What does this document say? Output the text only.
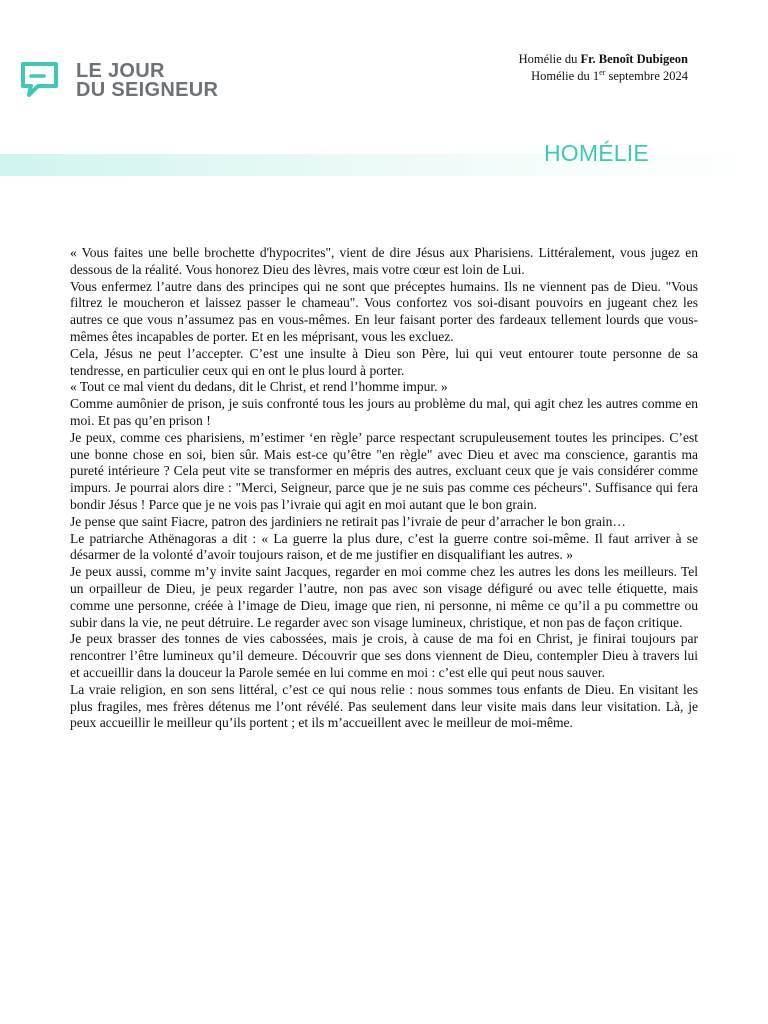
LE JOUR
DU SEIGNEUR
Homélie du Fr. Benoît Dubigeon
Homélie du 1er septembre 2024
HOMÉLIE

« Vous faites une belle brochette d'hypocrites", vient de dire Jésus aux Pharisiens. Littéralement, vous jugez en dessous de la réalité. Vous honorez Dieu des lèvres, mais votre cœur est loin de Lui.

Vous enfermez l’autre dans des principes qui ne sont que préceptes humains. Ils ne viennent pas de Dieu. "Vous filtrez le moucheron et laissez passer le chameau". Vous confortez vos soi-disant pouvoirs en jugeant chez les autres ce que vous n’assumez pas en vous-mêmes. En leur faisant porter des fardeaux tellement lourds que vous-mêmes êtes incapables de porter. Et en les méprisant, vous les excluez.

Cela, Jésus ne peut l’accepter. C’est une insulte à Dieu son Père, lui qui veut entourer toute personne de sa tendresse, en particulier ceux qui en ont le plus lourd à porter.

« Tout ce mal vient du dedans, dit le Christ, et rend l’homme impur. »

Comme aumônier de prison, je suis confronté tous les jours au problème du mal, qui agit chez les autres comme en moi. Et pas qu’en prison !

Je peux, comme ces pharisiens, m’estimer ‘en règle’ parce respectant scrupuleusement toutes les principes. C’est une bonne chose en soi, bien sûr. Mais est-ce qu’être "en règle" avec Dieu et avec ma conscience, garantis ma pureté intérieure ? Cela peut vite se transformer en mépris des autres, excluant ceux que je vais considérer comme impurs. Je pourrai alors dire : "Merci, Seigneur, parce que je ne suis pas comme ces pécheurs". Suffisance qui fera bondir Jésus ! Parce que je ne vois pas l’ivraie qui agit en moi autant que le bon grain.

Je pense que saint Fiacre, patron des jardiniers ne retirait pas l’ivraie de peur d’arracher le bon grain…

Le patriarche Athënagoras a dit : « La guerre la plus dure, c’est la guerre contre soi-même. Il faut arriver à se désarmer de la volonté d’avoir toujours raison, et de me justifier en disqualifiant les autres. »

Je peux aussi, comme m’y invite saint Jacques, regarder en moi comme chez les autres les dons les meilleurs. Tel un orpailleur de Dieu, je peux regarder l’autre, non pas avec son visage défiguré ou avec telle étiquette, mais comme une personne, créée à l’image de Dieu, image que rien, ni personne, ni même ce qu’il a pu commettre ou subir dans la vie, ne peut détruire. Le regarder avec son visage lumineux, christique, et non pas de façon critique.

Je peux brasser des tonnes de vies cabossées, mais je crois, à cause de ma foi en Christ, je finirai toujours par rencontrer l’être lumineux qu’il demeure. Découvrir que ses dons viennent de Dieu, contempler Dieu à travers lui et accueillir dans la douceur la Parole semée en lui comme en moi : c’est elle qui peut nous sauver.

La vraie religion, en son sens littéral, c’est ce qui nous relie : nous sommes tous enfants de Dieu. En visitant les plus fragiles, mes frères détenus me l’ont révélé. Pas seulement dans leur visite mais dans leur visitation. Là, je peux accueillir le meilleur qu’ils portent ; et ils m’accueillent avec le meilleur de moi-même.
